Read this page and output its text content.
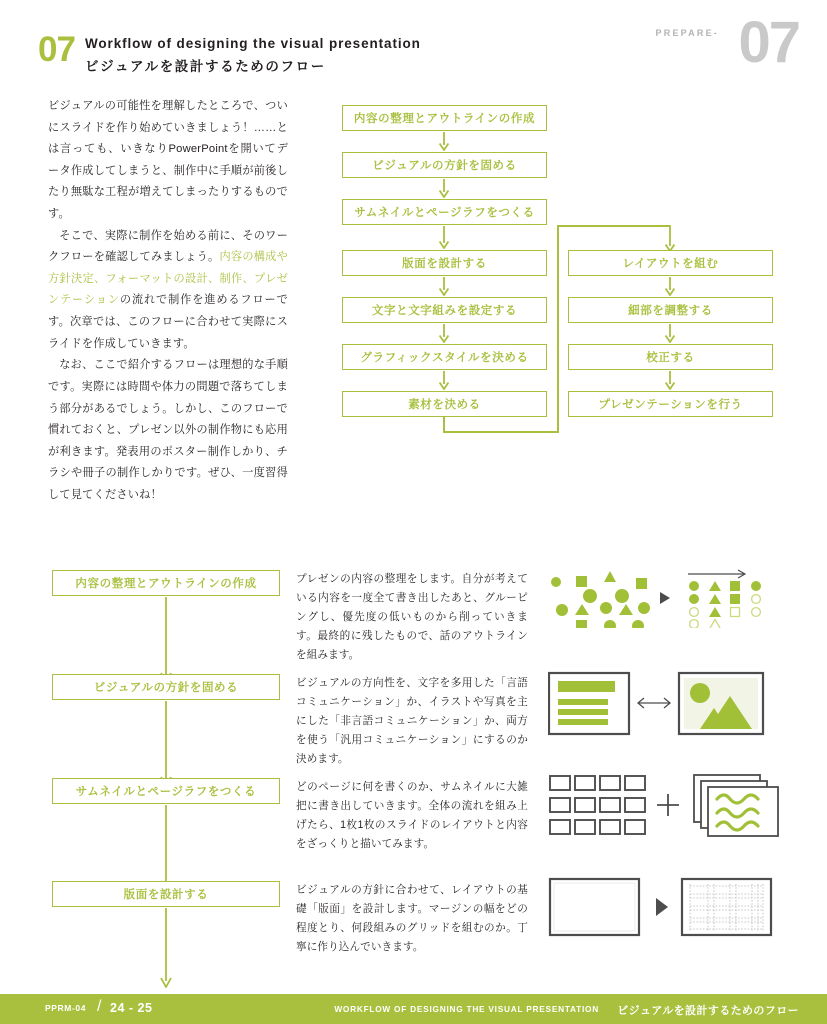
07 Workflow of designing the visual presentation
ビジュアルを設計するためのフロー
PREPARE- 07

ビジュアルの可能性を理解したところで、ついにスライドを作り始めていきましょう！……とは言っても、いきなりPowerPointを開いてデータ作成してしまうと、制作中に手順が前後したり無駄な工程が増えてしまったりするものです。

そこで、実際に制作を始める前に、そのワークフローを確認してみましょう。内容の構成や方針決定、フォーマットの設計、制作、プレゼンテーションの流れで制作を進めるフローです。次章では、このフローに合わせて実際にスライドを作成していきます。

なお、ここで紹介するフローは理想的な手順です。実際には時間や体力の問題で落ちてしまう部分があるでしょう。しかし、このフローで慣れておくと、プレゼン以外の制作物にも応用が利きます。発表用のポスター制作しかり、チラシや冊子の制作しかりです。ぜひ、一度習得して見てくださいね！

内容の整理とアウトラインの作成
ビジュアルの方針を固める
サムネイルとページラフをつくる
版面を設計する
文字と文字組みを設定する
グラフィックスタイルを決める
素材を決める
レイアウトを組む
細部を調整する
校正する
プレゼンテーションを行う
内容の整理とアウトラインの作成	プレゼンの内容の整理をします。自分が考えている内容を一度全て書き出したあと、グルーピングし、優先度の低いものから削っていきます。最終的に残したもので、話のアウトラインを組みます。
ビジュアルの方針を固める	ビジュアルの方向性を、文字を多用した「言語コミュニケーション」か、イラストや写真を主にした「非言語コミュニケーション」か、両方を使う「汎用コミュニケーション」にするのか決めます。
サムネイルとページラフをつくる	どのページに何を書くのか、サムネイルに大雑把に書き出していきます。全体の流れを組み上げたら、1枚1枚のスライドのレイアウトと内容をざっくりと描いてみます。
版面を設計する	ビジュアルの方針に合わせて、レイアウトの基礎「版面」を設計します。マージンの幅をどの程度とり、何段組みのグリッドを組むのか。丁寧に作り込んでいきます。
PPRM-04 / 24 - 25	WORKFLOW OF DESIGNING THE VISUAL PRESENTATION ビジュアルを設計するためのフロー
